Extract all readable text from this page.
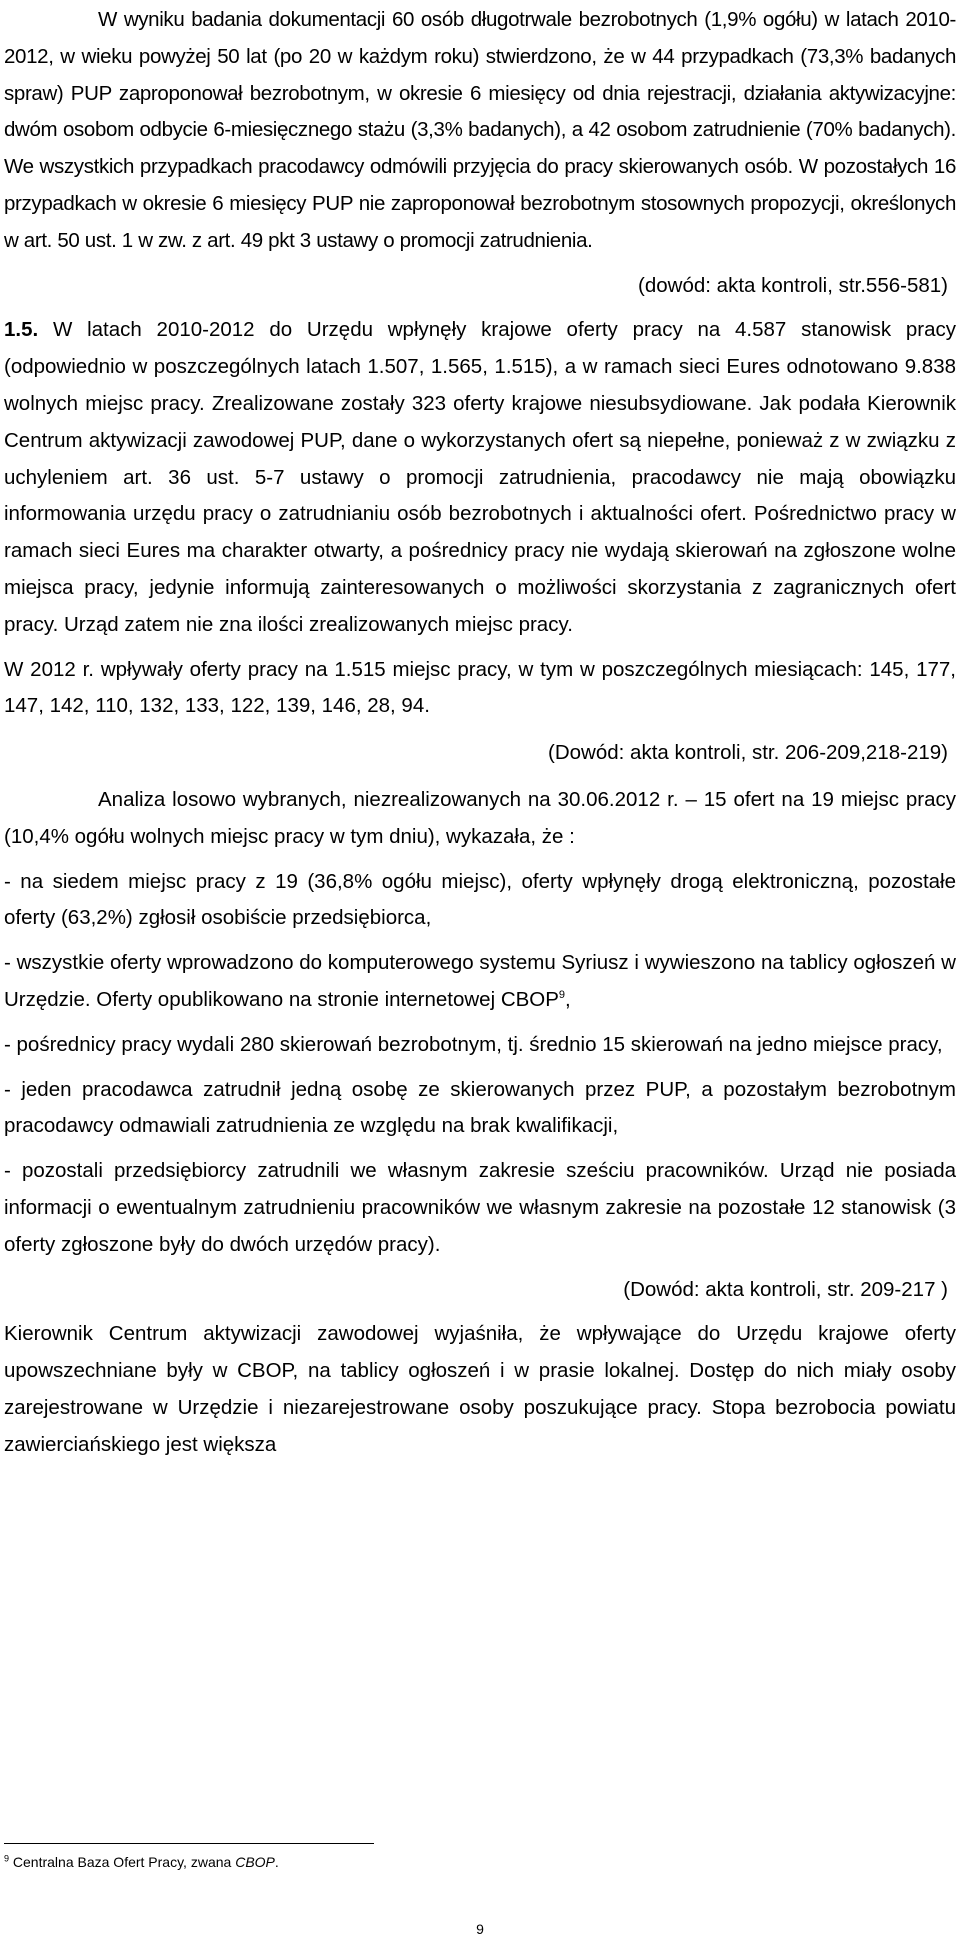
W wyniku badania dokumentacji 60 osób długotrwale bezrobotnych (1,9% ogółu) w latach 2010-2012, w wieku powyżej 50 lat (po 20 w każdym roku) stwierdzono, że w 44 przypadkach (73,3% badanych spraw) PUP zaproponował bezrobotnym, w okresie 6 miesięcy od dnia rejestracji, działania aktywizacyjne: dwóm osobom odbycie 6-miesięcznego stażu (3,3% badanych), a 42 osobom zatrudnienie (70% badanych). We wszystkich przypadkach pracodawcy odmówili przyjęcia do pracy skierowanych osób. W pozostałych 16 przypadkach w okresie 6 miesięcy PUP nie zaproponował bezrobotnym stosownych propozycji, określonych w art. 50 ust. 1 w zw. z art. 49 pkt 3 ustawy o promocji zatrudnienia.

(dowód: akta kontroli, str.556-581)

1.5. W latach 2010-2012 do Urzędu wpłynęły krajowe oferty pracy na 4.587 stanowisk pracy (odpowiednio w poszczególnych latach 1.507, 1.565, 1.515), a w ramach sieci Eures odnotowano 9.838 wolnych miejsc pracy. Zrealizowane zostały 323 oferty krajowe niesubsydiowane. Jak podała Kierownik Centrum aktywizacji zawodowej PUP, dane o wykorzystanych ofert są niepełne, ponieważ z w związku z uchyleniem art. 36 ust. 5-7 ustawy o promocji zatrudnienia, pracodawcy nie mają obowiązku informowania urzędu pracy o zatrudnianiu osób bezrobotnych i aktualności ofert. Pośrednictwo pracy w ramach sieci Eures ma charakter otwarty, a pośrednicy pracy nie wydają skierowań na zgłoszone wolne miejsca pracy, jedynie informują zainteresowanych o możliwości skorzystania z zagranicznych ofert pracy. Urząd zatem nie zna ilości zrealizowanych miejsc pracy.

W 2012 r. wpływały oferty pracy na 1.515 miejsc pracy, w tym w poszczególnych miesiącach: 145, 177, 147, 142, 110, 132, 133, 122, 139, 146, 28, 94.

(Dowód: akta kontroli, str. 206-209,218-219)

Analiza losowo wybranych, niezrealizowanych na 30.06.2012 r. – 15 ofert na 19 miejsc pracy (10,4% ogółu wolnych miejsc pracy w tym dniu), wykazała, że :

- na siedem miejsc pracy z 19 (36,8% ogółu miejsc), oferty wpłynęły drogą elektroniczną, pozostałe oferty (63,2%) zgłosił osobiście przedsiębiorca,

- wszystkie oferty wprowadzono do komputerowego systemu Syriusz i wywieszono na tablicy ogłoszeń w Urzędzie. Oferty opublikowano na stronie internetowej CBOP$^9$,

- pośrednicy pracy wydali 280 skierowań bezrobotnym, tj. średnio 15 skierowań na jedno miejsce pracy,

- jeden pracodawca zatrudnił jedną osobę ze skierowanych przez PUP, a pozostałym bezrobotnym pracodawcy odmawiali zatrudnienia ze względu na brak kwalifikacji,

- pozostali przedsiębiorcy zatrudnili we własnym zakresie sześciu pracowników. Urząd nie posiada informacji o ewentualnym zatrudnieniu pracowników we własnym zakresie na pozostałe 12 stanowisk (3 oferty zgłoszone były do dwóch urzędów pracy).

(Dowód: akta kontroli, str. 209-217 )

Kierownik Centrum aktywizacji zawodowej wyjaśniła, że wpływające do Urzędu krajowe oferty upowszechniane były w CBOP, na tablicy ogłoszeń i w prasie lokalnej. Dostęp do nich miały osoby zarejestrowane w Urzędzie i niezarejestrowane osoby poszukujące pracy. Stopa bezrobocia powiatu zawierciańskiego jest większa

$^9$ Centralna Baza Ofert Pracy, zwana CBOP.
9
